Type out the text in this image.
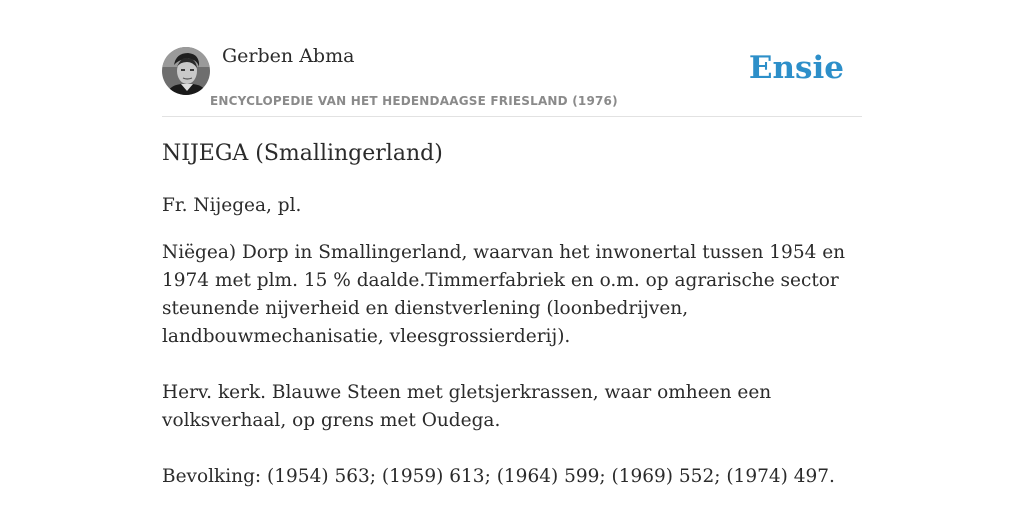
Gerben Abma
ENCYCLOPEDIE VAN HET HEDENDAAGSE FRIESLAND (1976)
Ensie
NIJEGA (Smallingerland)

Fr. Nijegea, pl.

Niëgea) Dorp in Smallingerland, waarvan het inwonertal tussen 1954 en 1974 met plm. 15 % daalde.Timmerfabriek en o.m. op agrarische sector steunende nijverheid en dienstverlening (loonbedrijven, landbouwmechanisatie, vleesgrossierderij).

Herv. kerk. Blauwe Steen met gletsjerkrassen, waar omheen een volksverhaal, op grens met Oudega.

Bevolking: (1954) 563; (1959) 613; (1964) 599; (1969) 552; (1974) 497.
